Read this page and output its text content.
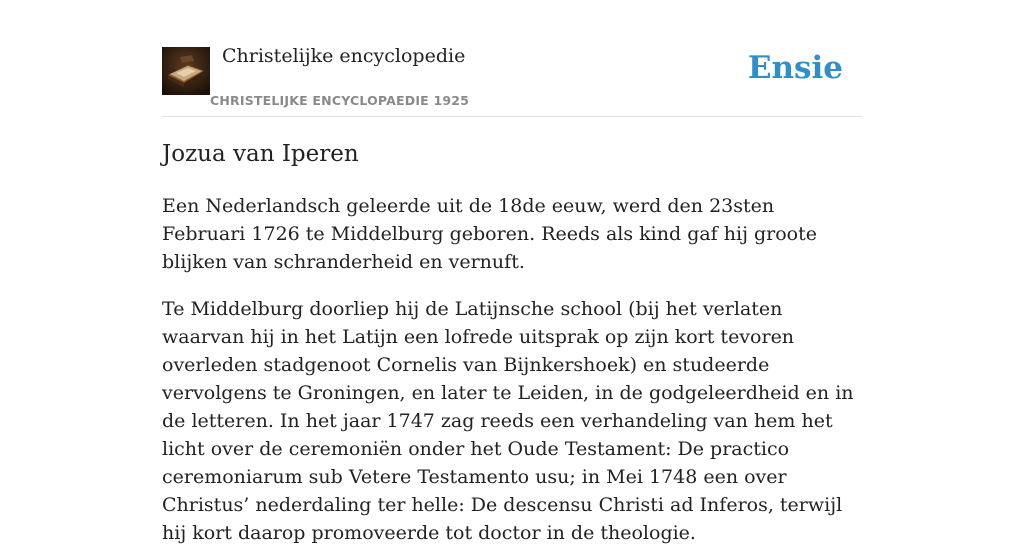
Christelijke encyclopedie
CHRISTELIJKE ENCYCLOPAEDIE 1925
Ensie
Jozua van Iperen

Een Nederlandsch geleerde uit de 18de eeuw, werd den 23sten Februari 1726 te Middelburg geboren. Reeds als kind gaf hij groote blijken van schranderheid en vernuft.

Te Middelburg doorliep hij de Latijnsche school (bij het verlaten waarvan hij in het Latijn een lofrede uitsprak op zijn kort tevoren overleden stadgenoot Cornelis van Bijnkershoek) en studeerde vervolgens te Groningen, en later te Leiden, in de godgeleerdheid en in de letteren. In het jaar 1747 zag reeds een verhandeling van hem het licht over de ceremoniën onder het Oude Testament: De practico ceremoniarum sub Vetere Testamento usu; in Mei 1748 een over Christus’ nederdaling ter helle: De descensu Christi ad Inferos, terwijl hij kort daarop promoveerde tot doctor in de theologie.
